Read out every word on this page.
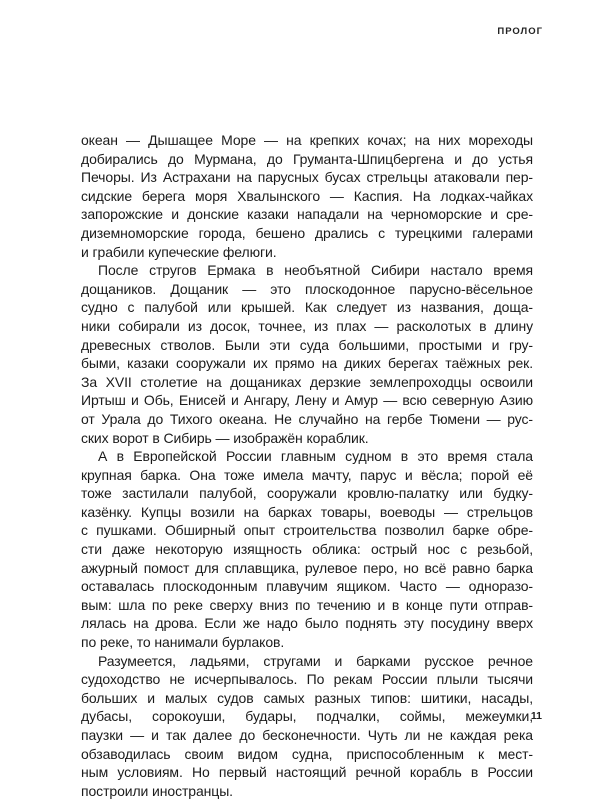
ПРОЛОГ

океан — Дышащее Море — на крепких кочах; на них мореходы
добирались до Мурмана, до Груманта-Шпицбергена и до устья
Печоры. Из Астрахани на парусных бусах стрельцы атаковали пер-
сидские берега моря Хвалынского — Каспия. На лодках-чайках
запорожские и донские казаки нападали на черноморские и сре-
диземноморские города, бешено дрались с турецкими галерами
и грабили купеческие фелюги.

После стругов Ермака в необъятной Сибири настало время
дощаников. Дощаник — это плоскодонное парусно-вёсельное
судно с палубой или крышей. Как следует из названия, доща-
ники собирали из досок, точнее, из плах — расколотых в длину
древесных стволов. Были эти суда большими, простыми и гру-
быми, казаки сооружали их прямо на диких берегах таёжных рек.
За XVII столетие на дощаниках дерзкие землепроходцы освоили
Иртыш и Обь, Енисей и Ангару, Лену и Амур — всю северную Азию
от Урала до Тихого океана. Не случайно на гербе Тюмени — рус-
ских ворот в Сибирь — изображён кораблик.

А в Европейской России главным судном в это время стала
крупная барка. Она тоже имела мачту, парус и вёсла; порой её
тоже застилали палубой, сооружали кровлю-палатку или будку-
казёнку. Купцы возили на барках товары, воеводы — стрельцов
с пушками. Обширный опыт строительства позволил барке обре-
сти даже некоторую изящность облика: острый нос с резьбой,
ажурный помост для сплавщика, рулевое перо, но всё равно барка
оставалась плоскодонным плавучим ящиком. Часто — одноразо-
вым: шла по реке сверху вниз по течению и в конце пути отправ-
лялась на дрова. Если же надо было поднять эту посудину вверх
по реке, то нанимали бурлаков.

Разумеется, ладьями, стругами и барками русское речное
судоходство не исчерпывалось. По рекам России плыли тысячи
больших и малых судов самых разных типов: шитики, насады,
дубасы, сорокоуши, будары, подчалки, соймы, межеумки,
паузки — и так далее до бесконечности. Чуть ли не каждая река
обзаводилась своим видом судна, приспособленным к мест-
ным условиям. Но первый настоящий речной корабль в России
построили иностранцы.

11
